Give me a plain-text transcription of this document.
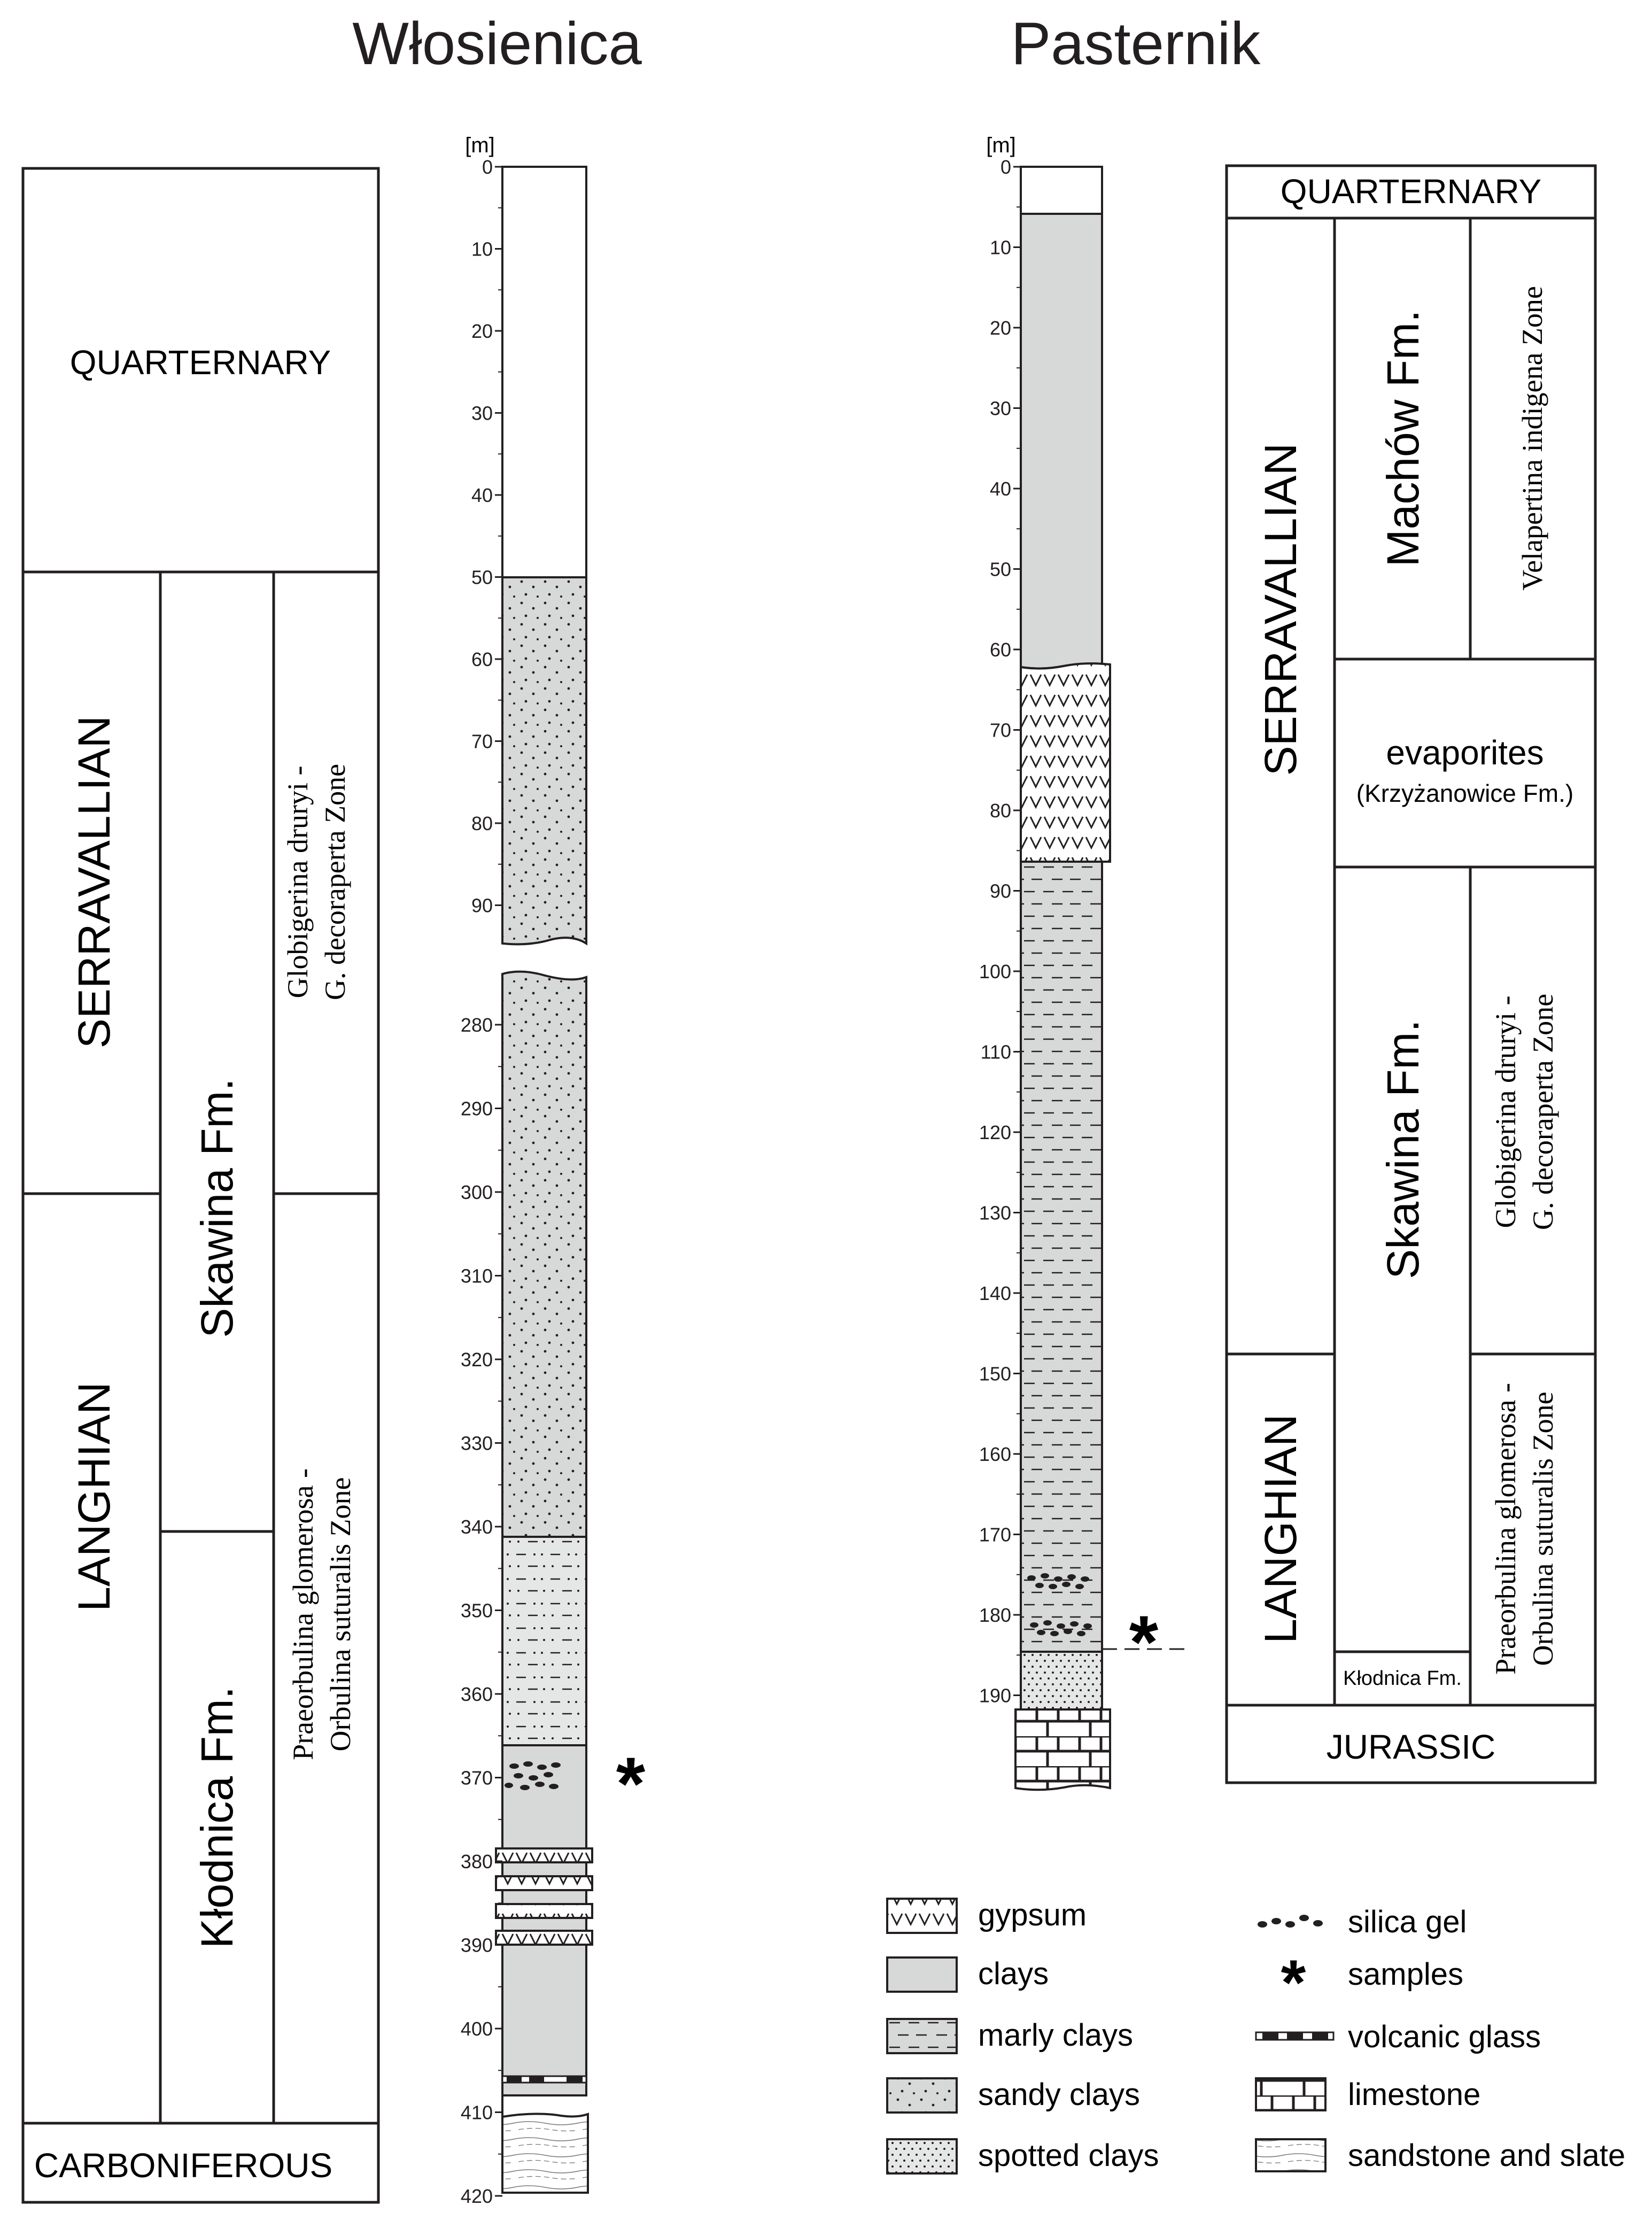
Włosienica	Pasternik
QUARTERNARY
CARBONIFEROUS
SERRAVALLIAN
LANGHIAN
Skawina Fm.
Kłodnica Fm.
Globigerina druryi - G. decoraperta Zone
Praeorbulina glomerosa - Orbulina suturalis Zone
[m]
0
10
20
30
40
50
60
70
80
90
280
290
300
310
320
330
340
350
360
370
380
390
400
410
420
*
[m]
0
10
20
30
40
50
60
70
80
90
100
110
120
130
140
150
160
170
180
190
*
QUARTERNARY
JURASSIC
SERRAVALLIAN
LANGHIAN
Machów Fm.	Velapertina indigena Zone
evaporites
(Krzyżanowice Fm.)
Skawina Fm.
Kłodnica Fm.
Globigerina druryi - G. decoraperta Zone
Praeorbulina glomerosa - Orbulina suturalis Zone
gypsum
clays
marly clays
sandy clays
spotted clays
*
silica gel
samples
volcanic glass
limestone
sandstone and slate
